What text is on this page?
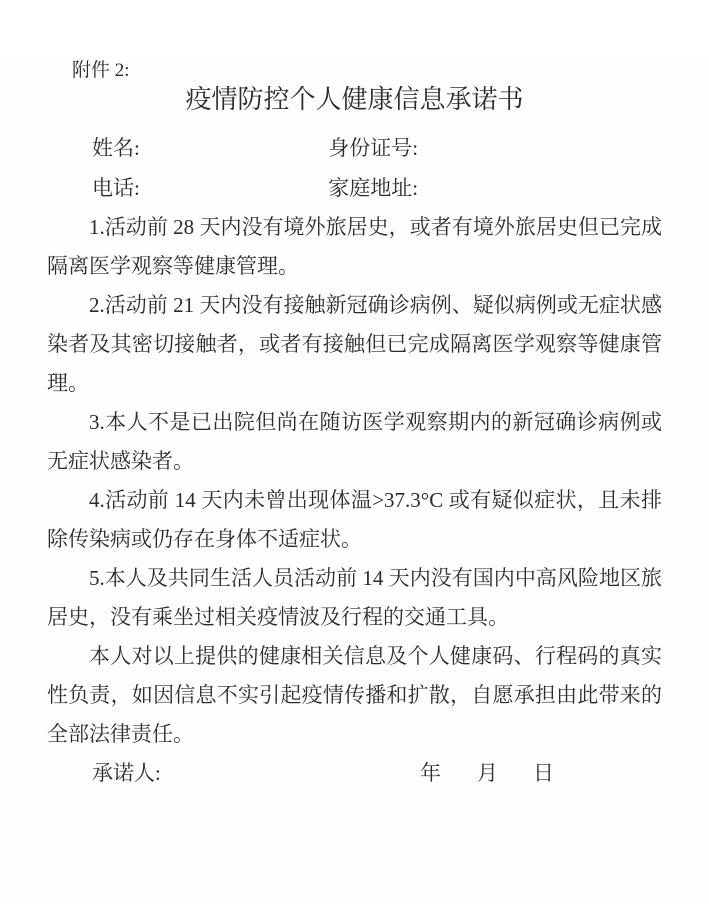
附件 2:
疫情防控个人健康信息承诺书
姓名:	身份证号:
电话:	家庭地址:
1.活动前 28 天内没有境外旅居史，或者有境外旅居史但已完成
隔离医学观察等健康管理。
2.活动前 21 天内没有接触新冠确诊病例、疑似病例或无症状感
染者及其密切接触者，或者有接触但已完成隔离医学观察等健康管
理。
3.本人不是已出院但尚在随访医学观察期内的新冠确诊病例或
无症状感染者。
4.活动前 14 天内未曾出现体温>37.3°C 或有疑似症状，且未排
除传染病或仍存在身体不适症状。
5.本人及共同生活人员活动前 14 天内没有国内中高风险地区旅
居史，没有乘坐过相关疫情波及行程的交通工具。
本人对以上提供的健康相关信息及个人健康码、行程码的真实
性负责，如因信息不实引起疫情传播和扩散，自愿承担由此带来的
全部法律责任。
承诺人:	年 月 日
